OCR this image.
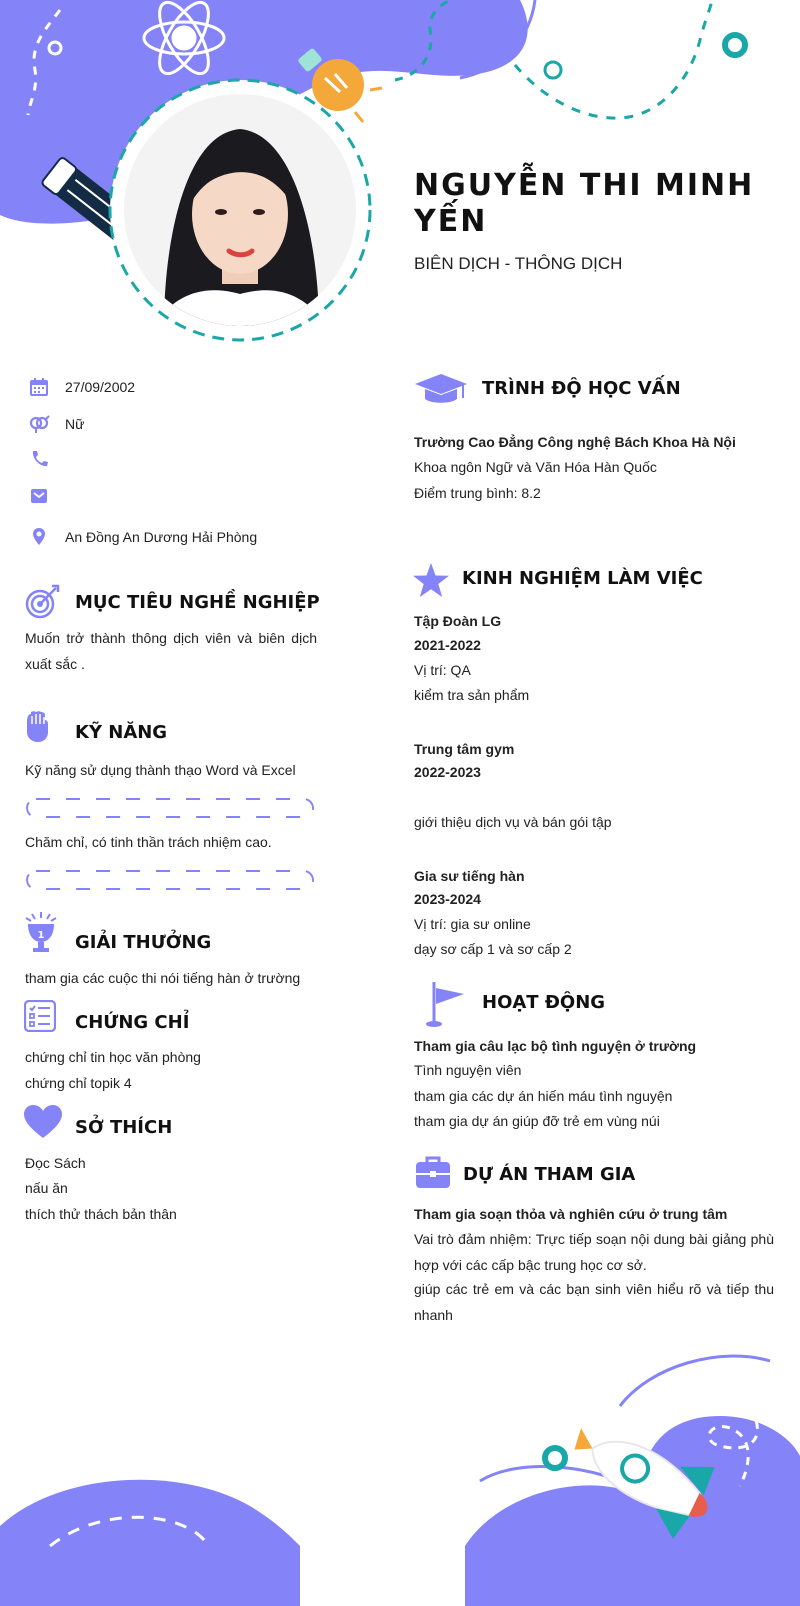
NGUYỄN THI MINH
YẾN
BIÊN DỊCH - THÔNG DỊCH
27/09/2002
Nữ
An Đồng An Dương Hải Phòng
MỤC TIÊU NGHỀ NGHIỆP
Muốn trở thành thông dịch viên và biên dịch xuất sắc .
KỸ NĂNG
Kỹ năng sử dụng thành thạo Word và Excel
Chăm chỉ, có tinh thần trách nhiệm cao.
1 GIẢI THƯỞNG
tham gia các cuộc thi nói tiếng hàn ở trường
CHỨNG CHỈ
chứng chỉ tin học văn phòng
chứng chỉ topik 4
SỞ THÍCH
Đọc Sách
nấu ăn
thích thử thách bản thân
TRÌNH ĐỘ HỌC VẤN
Trường Cao Đẳng Công nghệ Bách Khoa Hà Nội
Khoa ngôn Ngữ và Văn Hóa Hàn Quốc
Điểm trung bình: 8.2
KINH NGHIỆM LÀM VIỆC
Tập Đoàn LG
2021-2022
Vị trí: QA
kiểm tra sản phẩm
Trung tâm gym
2022-2023
giới thiệu dịch vụ và bán gói tập
Gia sư tiếng hàn
2023-2024
Vị trí: gia sư online
dạy sơ cấp 1 và sơ cấp 2
HOẠT ĐỘNG
Tham gia câu lạc bộ tình nguyện ở trường
Tình nguyện viên
tham gia các dự án hiến máu tình nguyện
tham gia dự án giúp đỡ trẻ em vùng núi
DỰ ÁN THAM GIA
Tham gia soạn thỏa và nghiên cứu ở trung tâm
Vai trò đảm nhiệm: Trực tiếp soạn nội dung bài giảng phù hợp với các cấp bậc trung học cơ sở.
giúp các trẻ em và các bạn sinh viên hiểu rõ và tiếp thu nhanh
